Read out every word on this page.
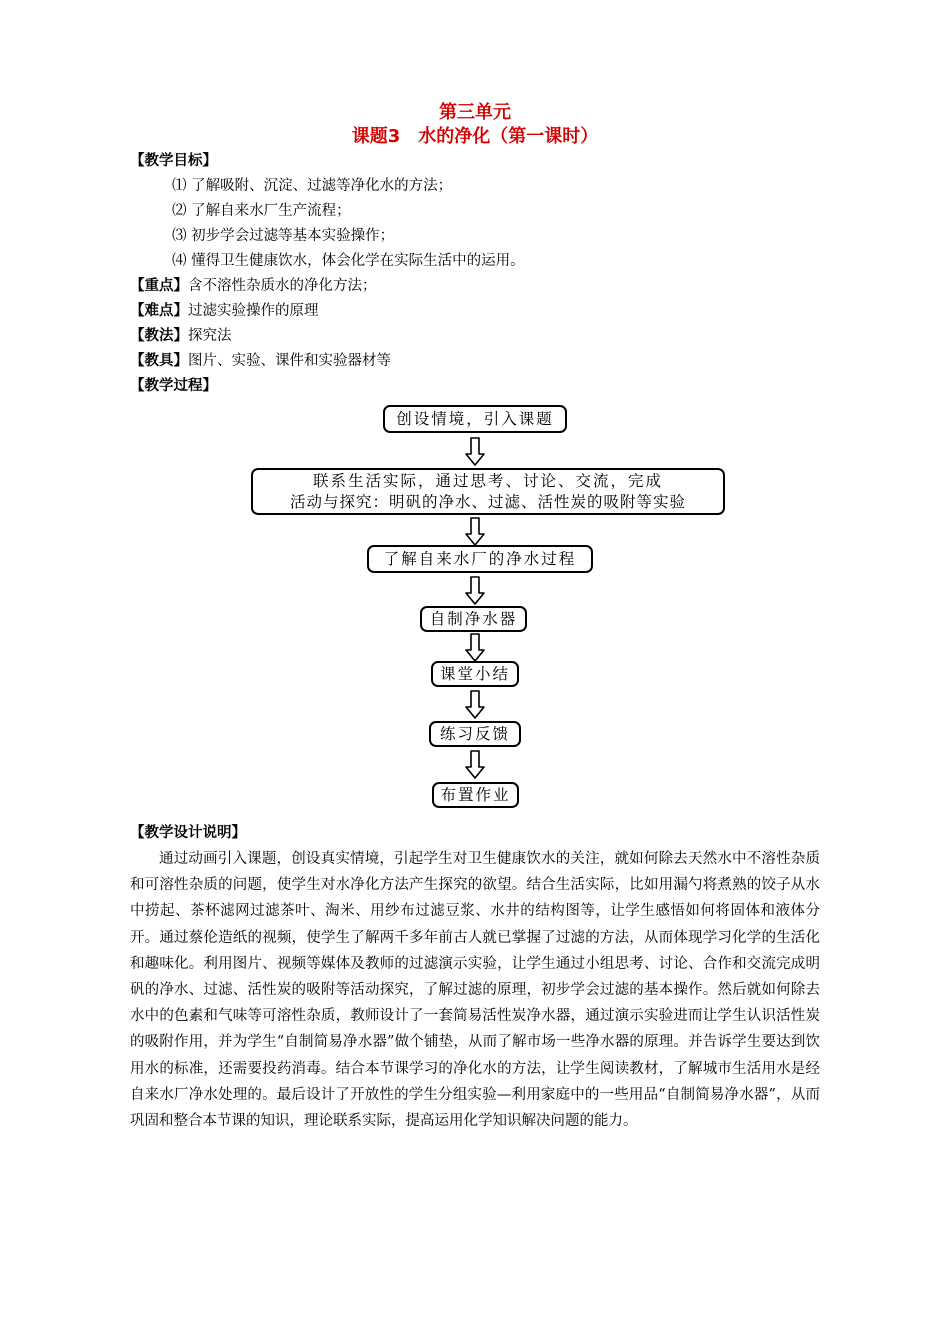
第三单元
课题3　水的净化（第一课时）
【教学目标】
⑴ 了解吸附、沉淀、过滤等净化水的方法；
⑵ 了解自来水厂生产流程；
⑶ 初步学会过滤等基本实验操作；
⑷ 懂得卫生健康饮水，体会化学在实际生活中的运用。
【重点】含不溶性杂质水的净化方法；
【难点】过滤实验操作的原理
【教法】探究法
【教具】图片、实验、课件和实验器材等
【教学过程】
创设情境，引入课题
联系生活实际，通过思考、讨论、交流，完成
活动与探究：明矾的净水、过滤、活性炭的吸附等实验
了解自来水厂的净水过程
自制净水器
课堂小结
练习反馈
布置作业
【教学设计说明】

通过动画引入课题，创设真实情境，引起学生对卫生健康饮水的关注，就如何除去天然水中不溶性杂质和可溶性杂质的问题，使学生对水净化方法产生探究的欲望。结合生活实际，比如用漏勺将煮熟的饺子从水中捞起、茶杯滤网过滤茶叶、淘米、用纱布过滤豆浆、水井的结构图等，让学生感悟如何将固体和液体分开。通过蔡伦造纸的视频，使学生了解两千多年前古人就已掌握了过滤的方法，从而体现学习化学的生活化和趣味化。利用图片、视频等媒体及教师的过滤演示实验，让学生通过小组思考、讨论、合作和交流完成明矾的净水、过滤、活性炭的吸附等活动探究，了解过滤的原理，初步学会过滤的基本操作。然后就如何除去水中的色素和气味等可溶性杂质，教师设计了一套简易活性炭净水器，通过演示实验进而让学生认识活性炭的吸附作用，并为学生“自制简易净水器”做个铺垫，从而了解市场一些净水器的原理。并告诉学生要达到饮用水的标准，还需要投药消毒。结合本节课学习的净化水的方法，让学生阅读教材，了解城市生活用水是经自来水厂净水处理的。最后设计了开放性的学生分组实验—利用家庭中的一些用品“自制简易净水器”，从而巩固和整合本节课的知识，理论联系实际，提高运用化学知识解决问题的能力。
